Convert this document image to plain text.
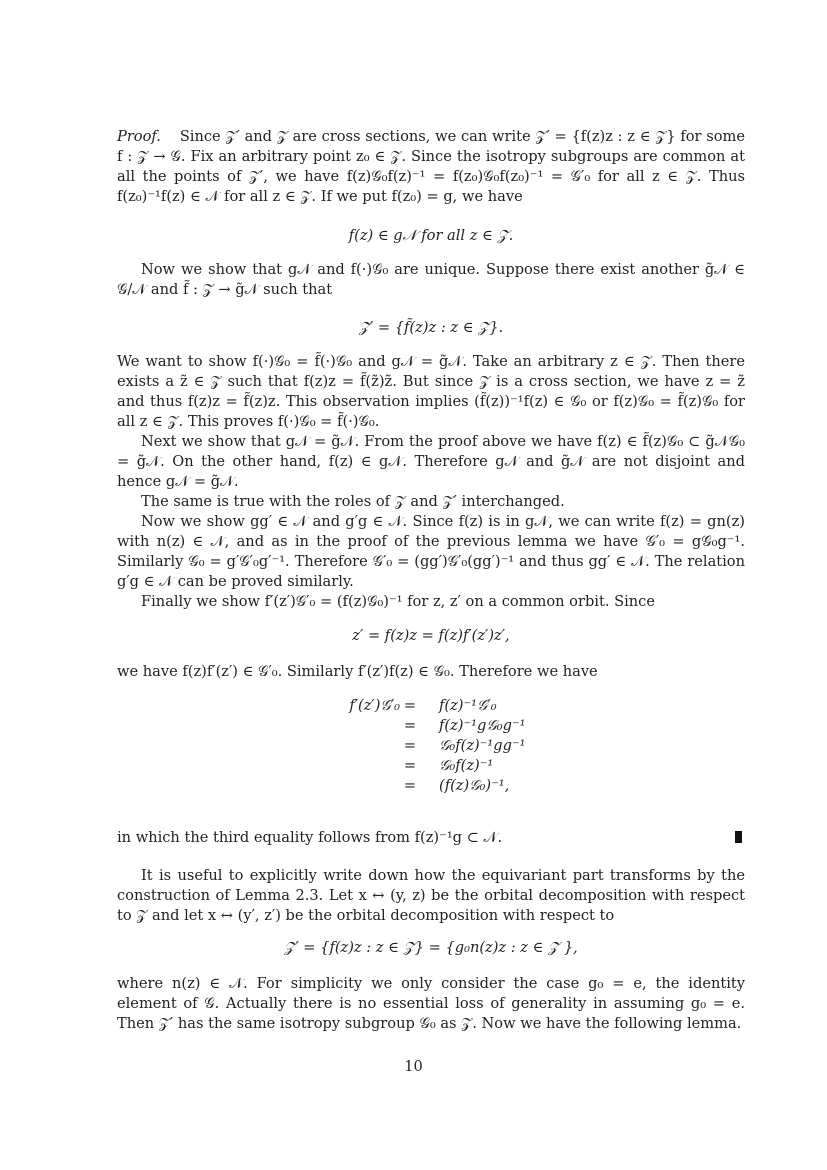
Proof. Since 𝒵′ and 𝒵 are cross sections, we can write 𝒵′ = {f(z)z : z ∈ 𝒵} for some f : 𝒵 → 𝒢. Fix an arbitrary point z₀ ∈ 𝒵. Since the isotropy subgroups are common at all the points of 𝒵′, we have f(z)𝒢₀f(z)⁻¹ = f(z₀)𝒢₀f(z₀)⁻¹ = 𝒢′₀ for all z ∈ 𝒵. Thus f(z₀)⁻¹f(z) ∈ 𝒩 for all z ∈ 𝒵. If we put f(z₀) = g, we have
f(z) ∈ g𝒩 for all z ∈ 𝒵.
Now we show that g𝒩 and f(·)𝒢₀ are unique. Suppose there exist another g̃𝒩 ∈ 𝒢/𝒩 and f̃ : 𝒵 → g̃𝒩 such that
𝒵′ = {f̃(z)z : z ∈ 𝒵}.
We want to show f(·)𝒢₀ = f̃(·)𝒢₀ and g𝒩 = g̃𝒩. Take an arbitrary z ∈ 𝒵. Then there exists a z̃ ∈ 𝒵 such that f(z)z = f̃(z̃)z̃. But since 𝒵 is a cross section, we have z = z̃ and thus f(z)z = f̃(z)z. This observation implies (f̃(z))⁻¹f(z) ∈ 𝒢₀ or f(z)𝒢₀ = f̃(z)𝒢₀ for all z ∈ 𝒵. This proves f(·)𝒢₀ = f̃(·)𝒢₀.
Next we show that g𝒩 = g̃𝒩. From the proof above we have f(z) ∈ f̃(z)𝒢₀ ⊂ g̃𝒩𝒢₀ = g̃𝒩. On the other hand, f(z) ∈ g𝒩. Therefore g𝒩 and g̃𝒩 are not disjoint and hence g𝒩 = g̃𝒩.
The same is true with the roles of 𝒵 and 𝒵′ interchanged.
Now we show gg′ ∈ 𝒩 and g′g ∈ 𝒩. Since f(z) is in g𝒩, we can write f(z) = gn(z) with n(z) ∈ 𝒩, and as in the proof of the previous lemma we have 𝒢′₀ = g𝒢₀g⁻¹. Similarly 𝒢₀ = g′𝒢′₀g′⁻¹. Therefore 𝒢′₀ = (gg′)𝒢′₀(gg′)⁻¹ and thus gg′ ∈ 𝒩. The relation g′g ∈ 𝒩 can be proved similarly.
Finally we show f′(z′)𝒢′₀ = (f(z)𝒢₀)⁻¹ for z, z′ on a common orbit. Since
z′ = f(z)z = f(z)f′(z′)z′,
we have f(z)f′(z′) ∈ 𝒢′₀. Similarly f′(z′)f(z) ∈ 𝒢₀. Therefore we have
f′(z′)𝒢′₀ = f(z)⁻¹𝒢′₀
= f(z)⁻¹g𝒢₀g⁻¹
= 𝒢₀f(z)⁻¹gg⁻¹
= 𝒢₀f(z)⁻¹
= (f(z)𝒢₀)⁻¹,
in which the third equality follows from f(z)⁻¹g ⊂ 𝒩.
It is useful to explicitly write down how the equivariant part transforms by the construction of Lemma 2.3. Let x ↔ (y, z) be the orbital decomposition with respect to 𝒵 and let x ↔ (y′, z′) be the orbital decomposition with respect to
𝒵′ = {f(z)z : z ∈ 𝒵} = {g₀n(z)z : z ∈ 𝒵 },
where n(z) ∈ 𝒩. For simplicity we only consider the case g₀ = e, the identity element of 𝒢. Actually there is no essential loss of generality in assuming g₀ = e. Then 𝒵′ has the same isotropy subgroup 𝒢₀ as 𝒵. Now we have the following lemma.
10
